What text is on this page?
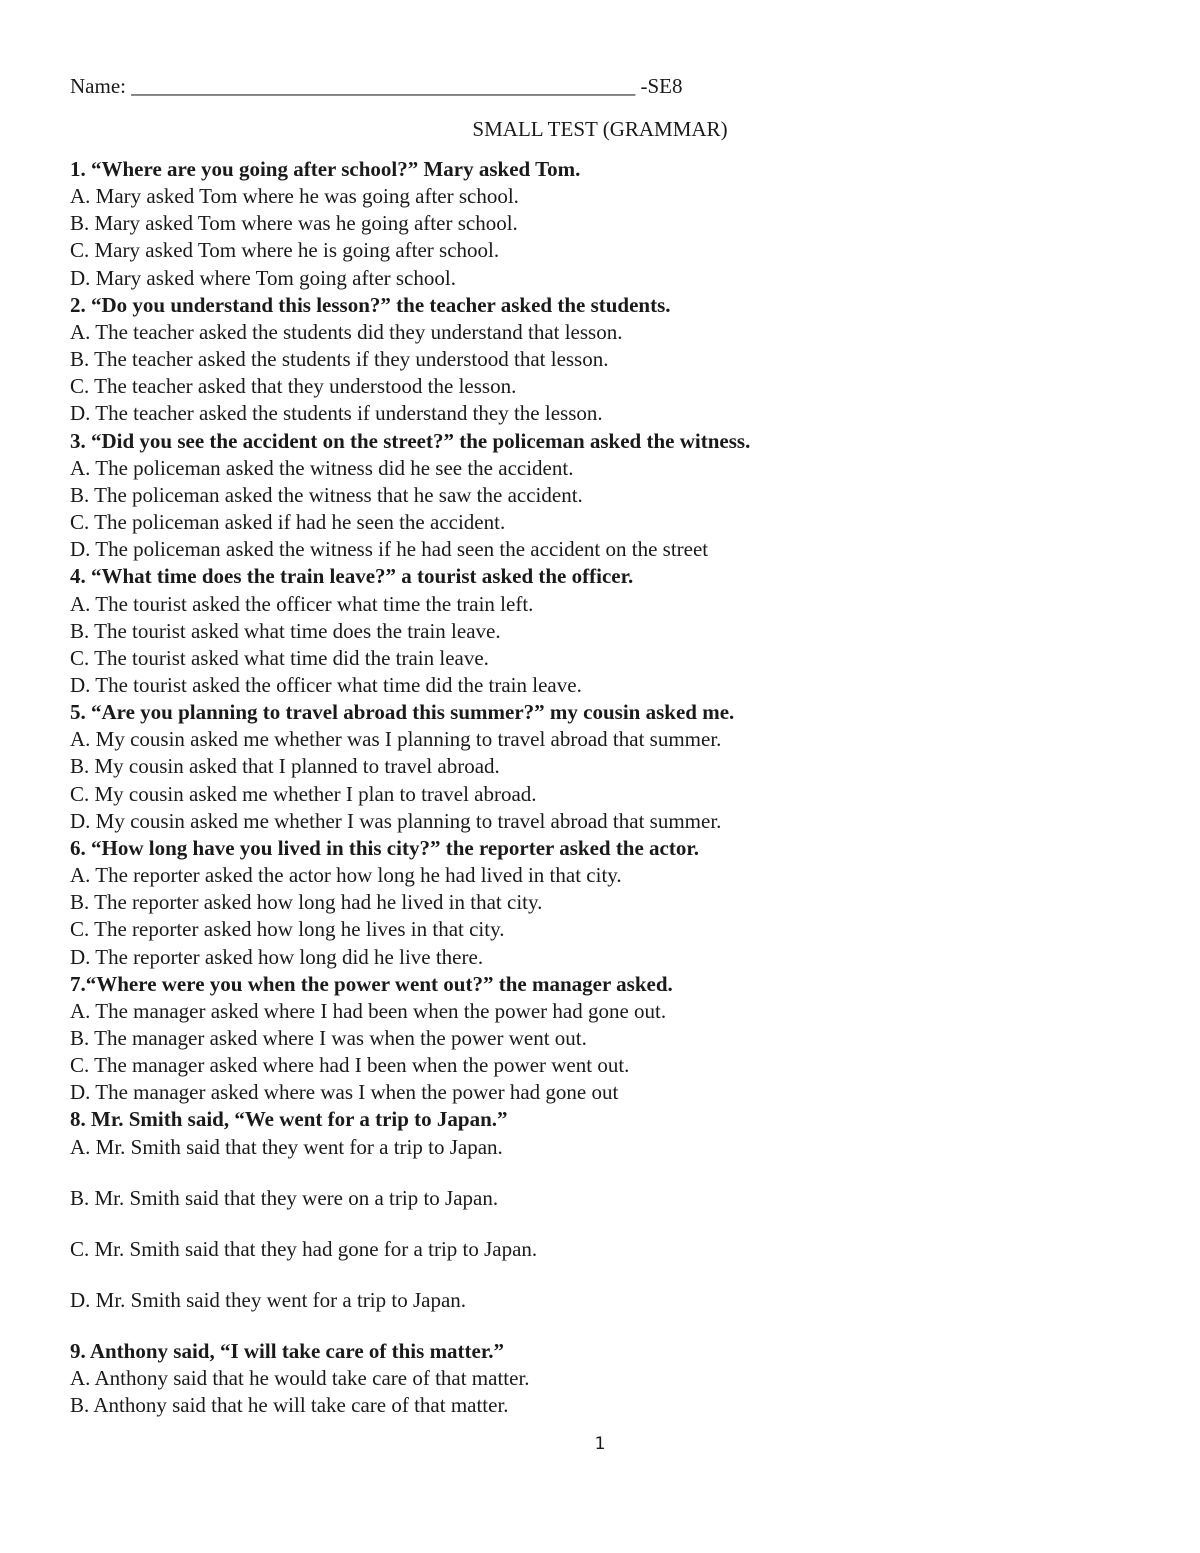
Name: ________________________________________________ -SE8
SMALL TEST (GRAMMAR)
1. “Where are you going after school?” Mary asked Tom.
A. Mary asked Tom where he was going after school.
B. Mary asked Tom where was he going after school.
C. Mary asked Tom where he is going after school.
D. Mary asked where Tom going after school.
2. “Do you understand this lesson?” the teacher asked the students.
A. The teacher asked the students did they understand that lesson.
B. The teacher asked the students if they understood that lesson.
C. The teacher asked that they understood the lesson.
D. The teacher asked the students if understand they the lesson.
3. “Did you see the accident on the street?” the policeman asked the witness.
A. The policeman asked the witness did he see the accident.
B. The policeman asked the witness that he saw the accident.
C. The policeman asked if had he seen the accident.
D. The policeman asked the witness if he had seen the accident on the street
4. “What time does the train leave?” a tourist asked the officer.
A. The tourist asked the officer what time the train left.
B. The tourist asked what time does the train leave.
C. The tourist asked what time did the train leave.
D. The tourist asked the officer what time did the train leave.
5. “Are you planning to travel abroad this summer?” my cousin asked me.
A. My cousin asked me whether was I planning to travel abroad that summer.
B. My cousin asked that I planned to travel abroad.
C. My cousin asked me whether I plan to travel abroad.
D. My cousin asked me whether I was planning to travel abroad that summer.
6. “How long have you lived in this city?” the reporter asked the actor.
A. The reporter asked the actor how long he had lived in that city.
B. The reporter asked how long had he lived in that city.
C. The reporter asked how long he lives in that city.
D. The reporter asked how long did he live there.
7.“Where were you when the power went out?” the manager asked.
A. The manager asked where I had been when the power had gone out.
B. The manager asked where I was when the power went out.
C. The manager asked where had I been when the power went out.
D. The manager asked where was I when the power had gone out
8. Mr. Smith said, “We went for a trip to Japan.”
A. Mr. Smith said that they went for a trip to Japan.
B. Mr. Smith said that they were on a trip to Japan.
C. Mr. Smith said that they had gone for a trip to Japan.
D. Mr. Smith said they went for a trip to Japan.
9. Anthony said, “I will take care of this matter.”
A. Anthony said that he would take care of that matter.
B. Anthony said that he will take care of that matter.
1
